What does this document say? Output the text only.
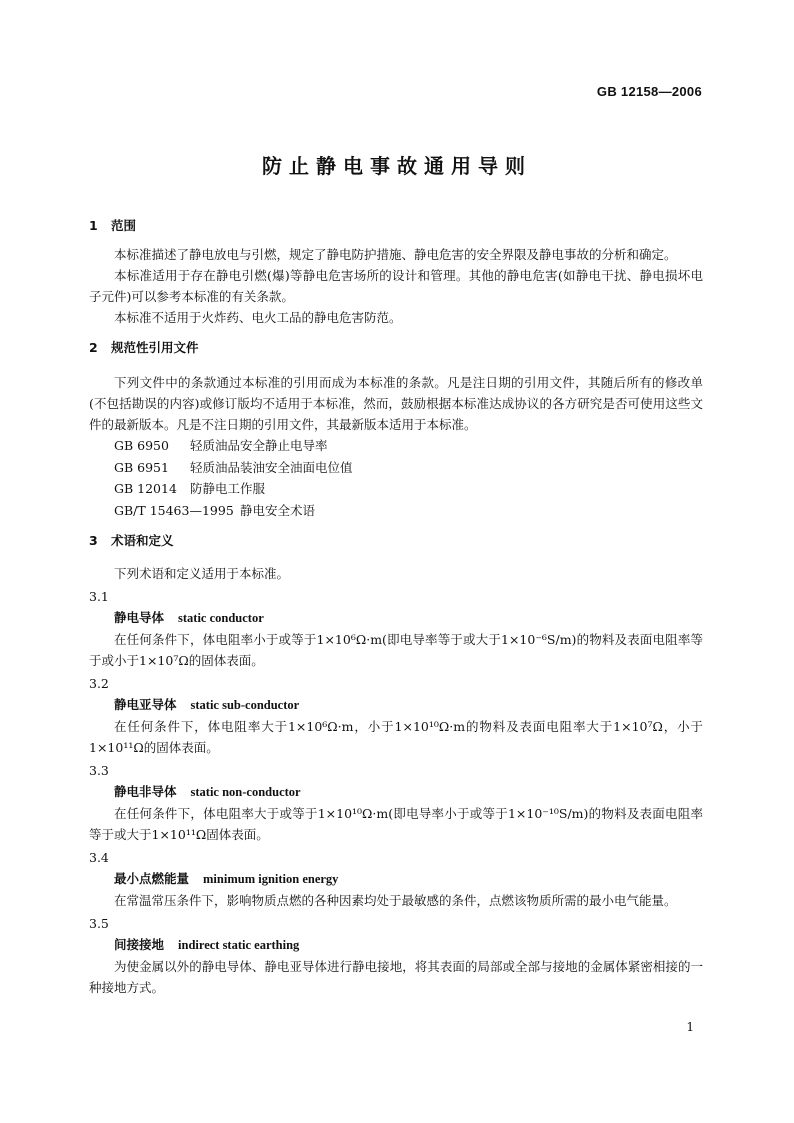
GB 12158—2006
防止静电事故通用导则
1 范围

本标准描述了静电放电与引燃，规定了静电防护措施、静电危害的安全界限及静电事故的分析和确定。

本标准适用于存在静电引燃(爆)等静电危害场所的设计和管理。其他的静电危害(如静电干扰、静电损坏电子元件)可以参考本标准的有关条款。

本标准不适用于火炸药、电火工品的静电危害防范。

2 规范性引用文件

下列文件中的条款通过本标准的引用而成为本标准的条款。凡是注日期的引用文件，其随后所有的修改单(不包括勘误的内容)或修订版均不适用于本标准，然而，鼓励根据本标准达成协议的各方研究是否可使用这些文件的最新版本。凡是不注日期的引用文件，其最新版本适用于本标准。

GB 6950 轻质油品安全静止电导率
GB 6951 轻质油品装油安全油面电位值
GB 12014 防静电工作服
GB/T 15463—1995 静电安全术语
3 术语和定义

下列术语和定义适用于本标准。

3.1
静电导体 static conductor

在任何条件下，体电阻率小于或等于1×10⁶Ω·m(即电导率等于或大于1×10⁻⁶S/m)的物料及表面电阻率等于或小于1×10⁷Ω的固体表面。

3.2
静电亚导体 static sub-conductor

在任何条件下，体电阻率大于1×10⁶Ω·m，小于1×10¹⁰Ω·m的物料及表面电阻率大于1×10⁷Ω，小于1×10¹¹Ω的固体表面。

3.3
静电非导体 static non-conductor

在任何条件下，体电阻率大于或等于1×10¹⁰Ω·m(即电导率小于或等于1×10⁻¹⁰S/m)的物料及表面电阻率等于或大于1×10¹¹Ω固体表面。

3.4
最小点燃能量 minimum ignition energy

在常温常压条件下，影响物质点燃的各种因素均处于最敏感的条件，点燃该物质所需的最小电气能量。

3.5
间接接地 indirect static earthing

为使金属以外的静电导体、静电亚导体进行静电接地，将其表面的局部或全部与接地的金属体紧密相接的一种接地方式。

1
